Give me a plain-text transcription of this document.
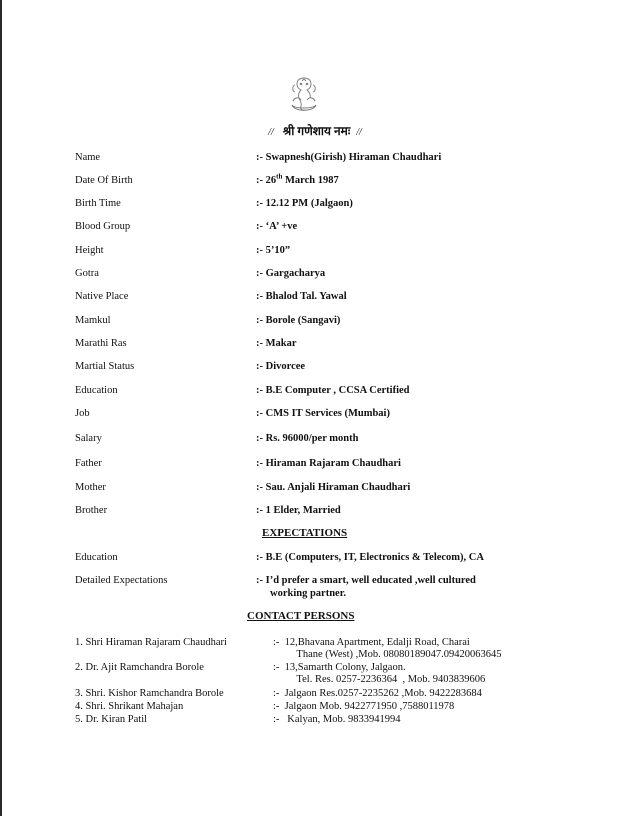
// श्री गणेशाय नमः //
Name	:- Swapnesh(Girish) Hiraman Chaudhari
Date Of Birth	:- 26th March 1987
Birth Time	:- 12.12 PM (Jalgaon)
Blood Group	:- ‘A’ +ve
Height	:- 5’10”
Gotra	:- Gargacharya
Native Place	:- Bhalod Tal. Yawal
Mamkul	:- Borole (Sangavi)
Marathi Ras	:- Makar
Martial Status	:- Divorcee
Education	:- B.E Computer , CCSA Certified
Job	:- CMS IT Services (Mumbai)
Salary	:- Rs. 96000/per month
Father	:- Hiraman Rajaram Chaudhari
Mother	:- Sau. Anjali Hiraman Chaudhari
Brother	:- 1 Elder, Married
EXPECTATIONS
Education	:- B.E (Computers, IT, Electronics & Telecom), CA
Detailed Expectations	:- I’d prefer a smart, well educated ,well cultured
working partner.
CONTACT PERSONS
1. Shri Hiraman Rajaram Chaudhari	:-  12,Bhavana Apartment, Edalji Road, Charai
Thane (West) ,Mob. 08080189047.09420063645
2. Dr. Ajit Ramchandra Borole	:-  13,Samarth Colony, Jalgaon.
Tel. Res. 0257-2236364  , Mob. 9403839606
3. Shri. Kishor Ramchandra Borole	:-  Jalgaon Res.0257-2235262 ,Mob. 9422283684
4. Shri. Shrikant Mahajan	:-  Jalgaon Mob. 9422771950 ,7588011978
5. Dr. Kiran Patil	:-   Kalyan, Mob. 9833941994
